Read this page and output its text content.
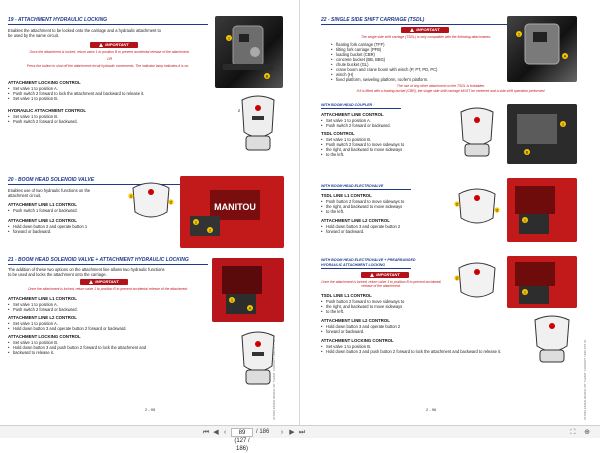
19 - ATTACHMENT HYDRAULIC LOCKING
Enables the attachment to be locked onto the carriage and a hydraulic attachment to
be used by the same circuit.
IMPORTANT
Once the attachment is locked, return valve 1 to position B to prevent accidental release of the attachment.
OR
Press the button to shut off the attachment circuit hydraulic movements. The indicator lamp indicates it is on.
ATTACHMENT LOCKING CONTROL
• Set valve 1 to position A.
• Push switch 2 forward to lock the attachment and backward to release it.
• Set valve 1 to position B.
HYDRAULIC ATTACHMENT CONTROL
• Set valve 1 to position B.
• Push switch 2 forward or backward.
1
B
2
20 - BOOM HEAD SOLENOID VALVE
Enables use of two hydraulic functions on the
attachment circuit.
ATTACHMENT LINE L1 CONTROL
• Push switch 1 forward or backward.
ATTACHMENT LINE L2 CONTROL
• Hold down button 2 and operate button 1
• forward or backward.
1
2	MANITOU
1
2
21 - BOOM HEAD SOLENOID VALVE + ATTACHMENT HYDRAULIC LOCKING
The addition of these two options on the attachment line allows two hydraulic functions
to be used and locks the attachment onto the carriage.
IMPORTANT
Once the attachment is locked, return valve 1 to position B to prevent accidental release of the attachment.
ATTACHMENT LINE L1 CONTROL
• Set valve 1 to position A.
• Push switch 2 forward or backward.
ATTACHMENT LINE L2 CONTROL
• Set valve 1 to position A.
• Hold down button 3 and operate button 2 forward or backward.
ATTACHMENT LOCKING CONTROL
• Set valve 1 to position B.
• Hold down button 3 and push button 2 forward to lock the attachment and
• backward to release it.
1
A
2 - 95	647940 EN/EN 06/2021 MT 732/MT 1440/ORT 1840 ST5 S1
22 - SINGLE SIDE SHIFT CARRIAGE (TSDL)
IMPORTANT
The single side shift carriage (TSDL) is only compatible with the following attachments:
• floating fork carriage (TFF)
• tilting fork carriage (PFB)
• loading bucket (CBR)
• concrete bucket (BB, BBG)
• chute bucket (GL)
• crane boom and crane boom with winch (P, PT, PD, PC)
• winch (H)
• fixed platform, swiveling platform, roofer's platform.
The use of any other attachment on the TSDL is forbidden.
If it is fitted with a loading bucket (CBR), the single side shift carriage MUST be centered and a side shift operation performed.
WITH BOOM HEAD COUPLER
ATTACHMENT LINE CONTROL
• Set valve 1 to position A.
• Push switch 2 forward or backward.
TSDL CONTROL
• Set valve 1 to position B.
• Push switch 2 forward to move sideways to
• the right, and backward to move sideways
• to the left.
1
A
1
B
WITH BOOM HEAD ELECTROVALVE
TSDL LINE L1 CONTROL
• Push button 2 forward to move sideways to
• the right, and backward to move sideways
• to the left.
ATTACHMENT LINE L2 CONTROL
• Hold down button 3 and operate button 2
• forward or backward.
2
3
1
WITH BOOM HEAD ELECTROVALVE + PREARRANGED
HYDRAULIC ATTACHMENT LOCKING
IMPORTANT
Once the attachment is locked, return valve 1 to position B to prevent accidental release of the attachment.
TSDL LINE L1 CONTROL
• Push button 2 forward to move sideways to
• the right, and backward to move sideways
• to the left.
ATTACHMENT LINE L2 CONTROL
• Hold down button 3 and operate button 2
• forward or backward.
ATTACHMENT LOCKING CONTROL
• Set valve 1 to position B.
• Hold down button 3 and push button 2 forward to lock the attachment and backward to release it.
2
1
2 - 96	647940 EN/EN 06/2021 MT 732/MT 1440/ORT 1840 ST5 S1
⏮ ◀ ‹	89 (127 / 186)
/ 186	› ▶ ⏭	⛶	⊕
